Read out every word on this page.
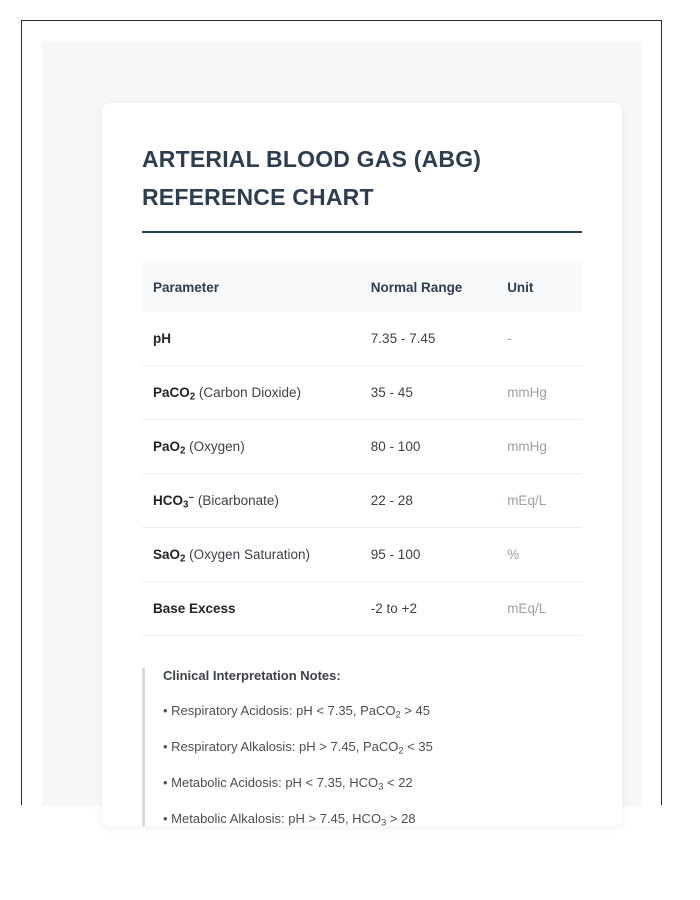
ARTERIAL BLOOD GAS (ABG) REFERENCE CHART
Parameter	Normal Range	Unit
pH	7.35 - 7.45	-
PaCO$_2$ (Carbon Dioxide)	35 - 45	mmHg
PaO$_2$ (Oxygen)	80 - 100	mmHg
$HCO_3^-$ (Bicarbonate)	22 - 28	mEq/L
SaO$_2$ (Oxygen Saturation)	95 - 100	%
Base Excess	-2 to +2	mEq/L
Clinical Interpretation Notes:
• Respiratory Acidosis: pH < 7.35, PaCO$_2$ > 45
• Respiratory Alkalosis: pH > 7.45, PaCO$_2$ < 35
• Metabolic Acidosis: pH < 7.35, $HCO_3 < 22$
• Metabolic Alkalosis: pH > 7.45, $HCO_3 > 28$
